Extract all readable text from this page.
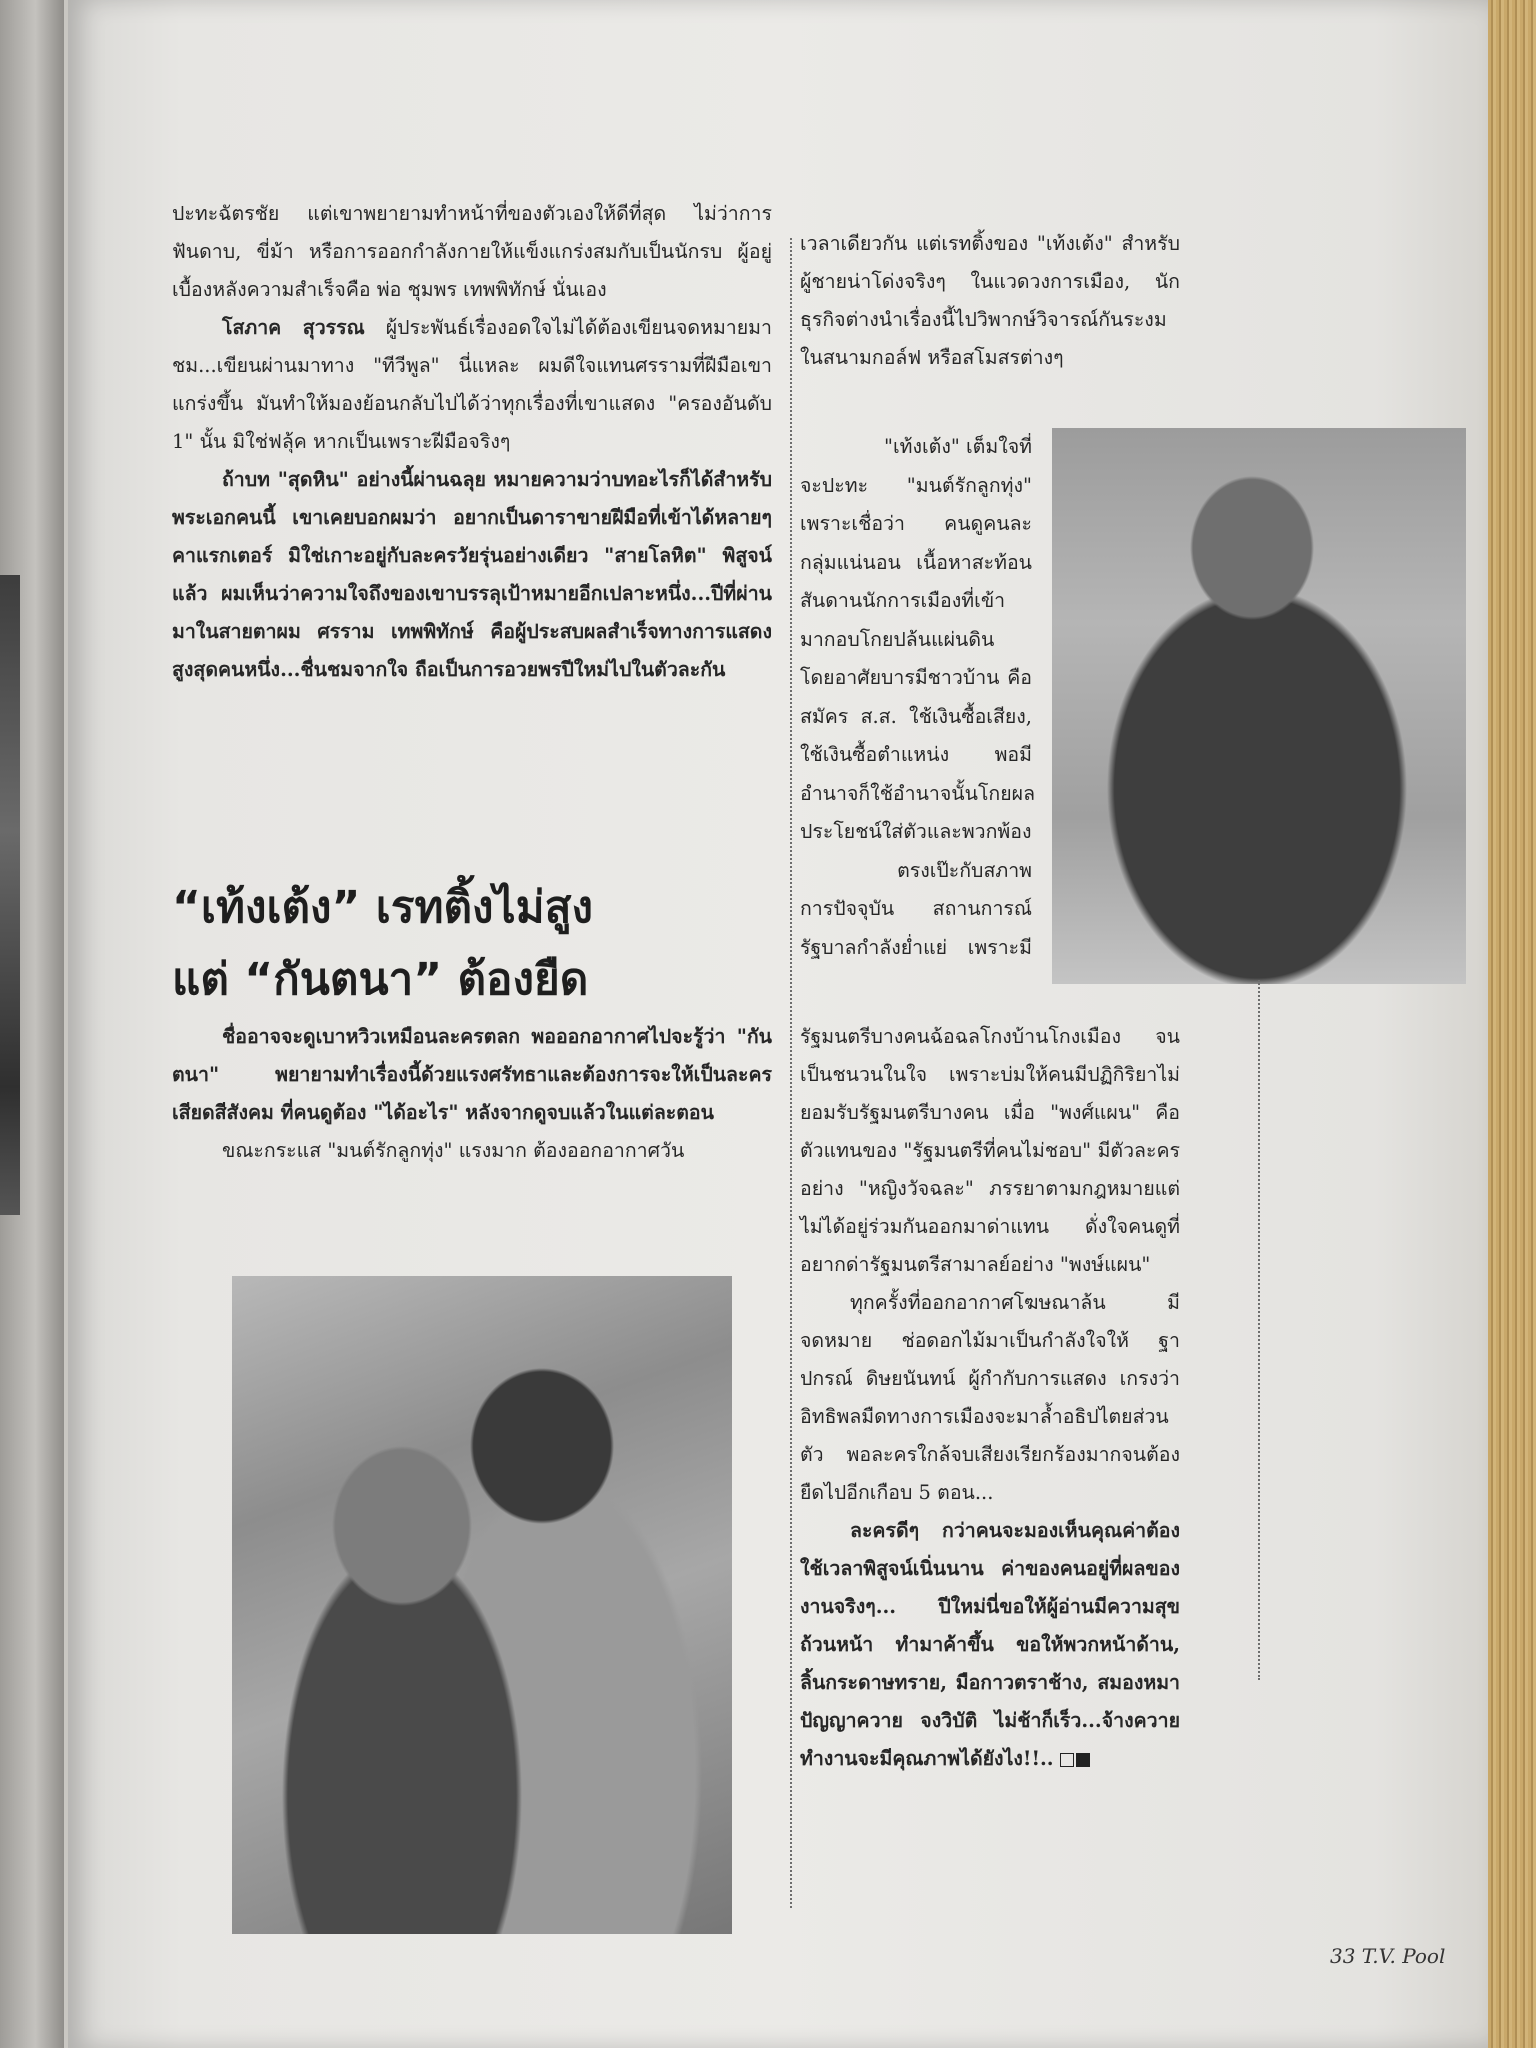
ปะทะฉัตรชัย แต่เขาพยายามทำหน้าที่ของตัวเองให้ดีที่สุด ไม่ว่าการฟันดาบ, ขี่ม้า หรือการออกกำลังกายให้แข็งแกร่งสมกับเป็นนักรบ ผู้อยู่เบื้องหลังความสำเร็จคือ พ่อ ชุมพร เทพพิทักษ์ นั่นเอง

โสภาค สุวรรณ ผู้ประพันธ์เรื่องอดใจไม่ได้ต้องเขียนจดหมายมาชม...เขียนผ่านมาทาง "ทีวีพูล" นี่แหละ ผมดีใจแทนศรรามที่ฝีมือเขาแกร่งขึ้น มันทำให้มองย้อนกลับไปได้ว่าทุกเรื่องที่เขาแสดง "ครองอันดับ 1" นั้น มิใช่ฟลุ้ค หากเป็นเพราะฝีมือจริงๆ

ถ้าบท "สุดหิน" อย่างนี้ผ่านฉลุย หมายความว่าบทอะไรก็ได้สำหรับพระเอกคนนี้ เขาเคยบอกผมว่า อยากเป็นดาราขายฝีมือที่เข้าได้หลายๆ คาแรกเตอร์ มิใช่เกาะอยู่กับละครวัยรุ่นอย่างเดียว "สายโลหิต" พิสูจน์แล้ว ผมเห็นว่าความใจถึงของเขาบรรลุเป้าหมายอีกเปลาะหนึ่ง...ปีที่ผ่านมาในสายตาผม ศรราม เทพพิทักษ์ คือผู้ประสบผลสำเร็จทางการแสดงสูงสุดคนหนึ่ง...ชื่นชมจากใจ ถือเป็นการอวยพรปีใหม่ไปในตัวละกัน

“เท้งเต้ง” เรทติ้งไม่สูง
แต่ “กันตนา” ต้องยืด

ชื่ออาจจะดูเบาหวิวเหมือนละครตลก พอออกอากาศไปจะรู้ว่า "กันตนา" พยายามทำเรื่องนี้ด้วยแรงศรัทธาและต้องการจะให้เป็นละครเสียดสีสังคม ที่คนดูต้อง "ได้อะไร" หลังจากดูจบแล้วในแต่ละตอน

ขณะกระแส "มนต์รักลูกทุ่ง" แรงมาก ต้องออกอากาศวัน

เวลาเดียวกัน แต่เรทติ้งของ "เท้งเต้ง" สำหรับผู้ชายน่าโด่งจริงๆ ในแวดวงการเมือง, นักธุรกิจต่างนำเรื่องนี้ไปวิพากษ์วิจารณ์กันระงมในสนามกอล์ฟ หรือสโมสรต่างๆ

"เท้งเต้ง" เต็มใจที่

จะปะทะ "มนต์รักลูกทุ่ง"

เพราะเชื่อว่า คนดูคนละ

กลุ่มแน่นอน เนื้อหาสะท้อน

สันดานนักการเมืองที่เข้า

มากอบโกยปล้นแผ่นดิน

โดยอาศัยบารมีชาวบ้าน คือ

สมัคร ส.ส. ใช้เงินซื้อเสียง,

ใช้เงินซื้อตำแหน่ง พอมี

อำนาจก็ใช้อำนาจนั้นโกยผล

ประโยชน์ใส่ตัวและพวกพ้อง

ตรงเป๊ะกับสภาพ

การปัจจุบัน สถานการณ์

รัฐบาลกำลังย่ำแย่ เพราะมี

รัฐมนตรีบางคนฉ้อฉลโกงบ้านโกงเมือง จนเป็นชนวนในใจ เพราะบ่มให้คนมีปฏิกิริยาไม่ยอมรับรัฐมนตรีบางคน เมื่อ "พงศ์แผน" คือตัวแทนของ "รัฐมนตรีที่คนไม่ชอบ" มีตัวละครอย่าง "หญิงวัจฉละ" ภรรยาตามกฎหมายแต่ไม่ได้อยู่ร่วมกันออกมาด่าแทน ดั่งใจคนดูที่อยากด่ารัฐมนตรีสามาลย์อย่าง "พงษ์แผน"

ทุกครั้งที่ออกอากาศโฆษณาล้น มีจดหมาย ช่อดอกไม้มาเป็นกำลังใจให้ ฐาปกรณ์ ดิษยนันทน์ ผู้กำกับการแสดง เกรงว่าอิทธิพลมืดทางการเมืองจะมาล้ำอธิปไตยส่วนตัว พอละครใกล้จบเสียงเรียกร้องมากจนต้องยืดไปอีกเกือบ 5 ตอน...

ละครดีๆ กว่าคนจะมองเห็นคุณค่าต้องใช้เวลาพิสูจน์เนิ่นนาน ค่าของคนอยู่ที่ผลของงานจริงๆ... ปีใหม่นี่ขอให้ผู้อ่านมีความสุขถ้วนหน้า ทำมาค้าขึ้น ขอให้พวกหน้าด้าน, ลิ้นกระดาษทราย, มือกาวตราช้าง, สมองหมาปัญญาควาย จงวิบัติ ไม่ช้าก็เร็ว...จ้างควายทำงานจะมีคุณภาพได้ยังไง!!..

33 T.V. Pool
